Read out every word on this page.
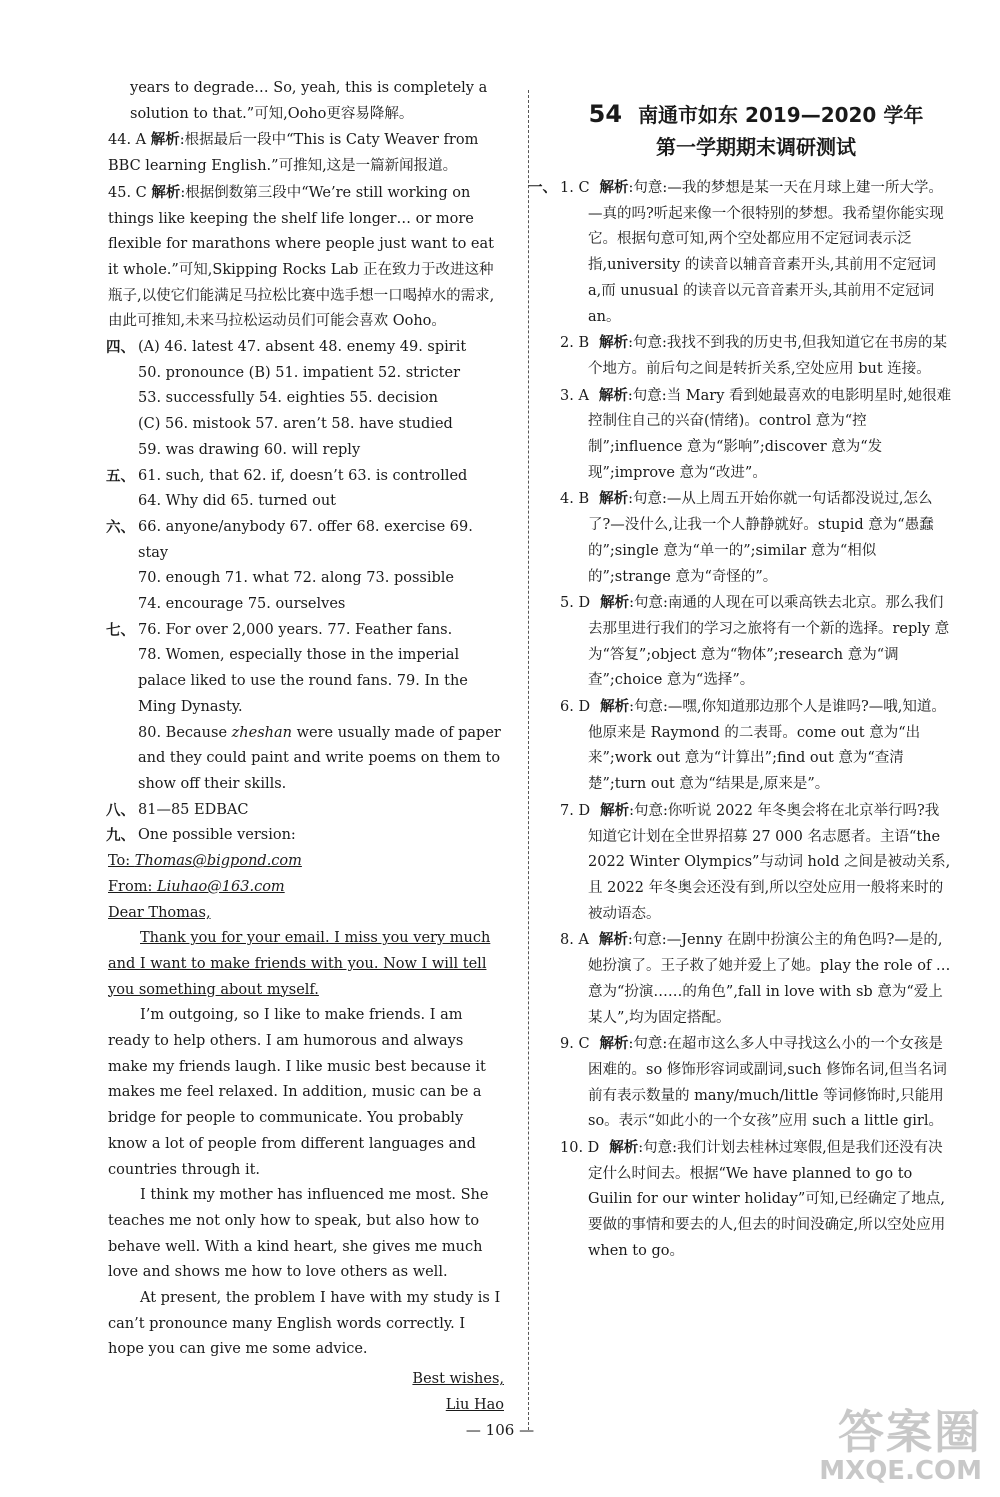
years to degrade… So, yeah, this is completely a solution to that.”可知,Ooho更容易降解。

44. A 解析:根据最后一段中“This is Caty Weaver from BBC learning English.”可推知,这是一篇新闻报道。

45. C 解析:根据倒数第三段中“We’re still working on things like keeping the shelf life longer… or more flexible for marathons where people just want to eat it whole.”可知,Skipping Rocks Lab 正在致力于改进这种瓶子,以使它们能满足马拉松比赛中选手想一口喝掉水的需求,由此可推知,未来马拉松运动员们可能会喜欢 Ooho。

四、 (A) 46. latest 47. absent 48. enemy 49. spirit

50. pronounce (B) 51. impatient 52. stricter

53. successfully 54. eighties 55. decision

(C) 56. mistook 57. aren’t 58. have studied

59. was drawing 60. will reply

五、 61. such, that 62. if, doesn’t 63. is controlled

64. Why did 65. turned out

六、 66. anyone/anybody 67. offer 68. exercise 69. stay

70. enough 71. what 72. along 73. possible

74. encourage 75. ourselves

七、 76. For over 2,000 years. 77. Feather fans.

78. Women, especially those in the imperial palace liked to use the round fans. 79. In the Ming Dynasty.

80. Because zheshan were usually made of paper and they could paint and write poems on them to show off their skills.

八、 81—85 EDBAC

九、 One possible version:

To: Thomas@bigpond.com

From: Liuhao@163.com

Dear Thomas,

Thank you for your email. I miss you very much and I want to make friends with you. Now I will tell you something about myself.

I’m outgoing, so I like to make friends. I am ready to help others. I am humorous and always make my friends laugh. I like music best because it makes me feel relaxed. In addition, music can be a bridge for people to communicate. You probably know a lot of people from different languages and countries through it.

I think my mother has influenced me most. She teaches me not only how to speak, but also how to behave well. With a kind heart, she gives me much love and shows me how to love others as well.

At present, the problem I have with my study is I can’t pronounce many English words correctly. I hope you can give me some advice.

Best wishes,

Liu Hao

54 南通市如东 2019—2020 学年

第一学期期末调研测试

一、 1. C 解析:句意:—我的梦想是某一天在月球上建一所大学。—真的吗?听起来像一个很特别的梦想。我希望你能实现它。根据句意可知,两个空处都应用不定冠词表示泛指,university 的读音以辅音音素开头,其前用不定冠词 a,而 unusual 的读音以元音音素开头,其前用不定冠词 an。

2. B 解析:句意:我找不到我的历史书,但我知道它在书房的某个地方。前后句之间是转折关系,空处应用 but 连接。

3. A 解析:句意:当 Mary 看到她最喜欢的电影明星时,她很难控制住自己的兴奋(情绪)。control 意为“控制”;influence 意为“影响”;discover 意为“发现”;improve 意为“改进”。

4. B 解析:句意:—从上周五开始你就一句话都没说过,怎么了?—没什么,让我一个人静静就好。stupid 意为“愚蠢的”;single 意为“单一的”;similar 意为“相似的”;strange 意为“奇怪的”。

5. D 解析:句意:南通的人现在可以乘高铁去北京。那么我们去那里进行我们的学习之旅将有一个新的选择。reply 意为“答复”;object 意为“物体”;research 意为“调查”;choice 意为“选择”。

6. D 解析:句意:—嘿,你知道那边那个人是谁吗?—哦,知道。他原来是 Raymond 的二表哥。come out 意为“出来”;work out 意为“计算出”;find out 意为“查清楚”;turn out 意为“结果是,原来是”。

7. D 解析:句意:你听说 2022 年冬奥会将在北京举行吗?我知道它计划在全世界招募 27 000 名志愿者。主语“the 2022 Winter Olympics”与动词 hold 之间是被动关系,且 2022 年冬奥会还没有到,所以空处应用一般将来时的被动语态。

8. A 解析:句意:—Jenny 在剧中扮演公主的角色吗?—是的,她扮演了。王子救了她并爱上了她。play the role of … 意为“扮演……的角色”,fall in love with sb 意为“爱上某人”,均为固定搭配。

9. C 解析:句意:在超市这么多人中寻找这么小的一个女孩是困难的。so 修饰形容词或副词,such 修饰名词,但当名词前有表示数量的 many/much/little 等词修饰时,只能用 so。表示“如此小的一个女孩”应用 such a little girl。

10. D 解析:句意:我们计划去桂林过寒假,但是我们还没有决定什么时间去。根据“We have planned to go to Guilin for our winter holiday”可知,已经确定了地点,要做的事情和要去的人,但去的时间没确定,所以空处应用 when to go。

— 106 —	答案圈
MXQE.COM
